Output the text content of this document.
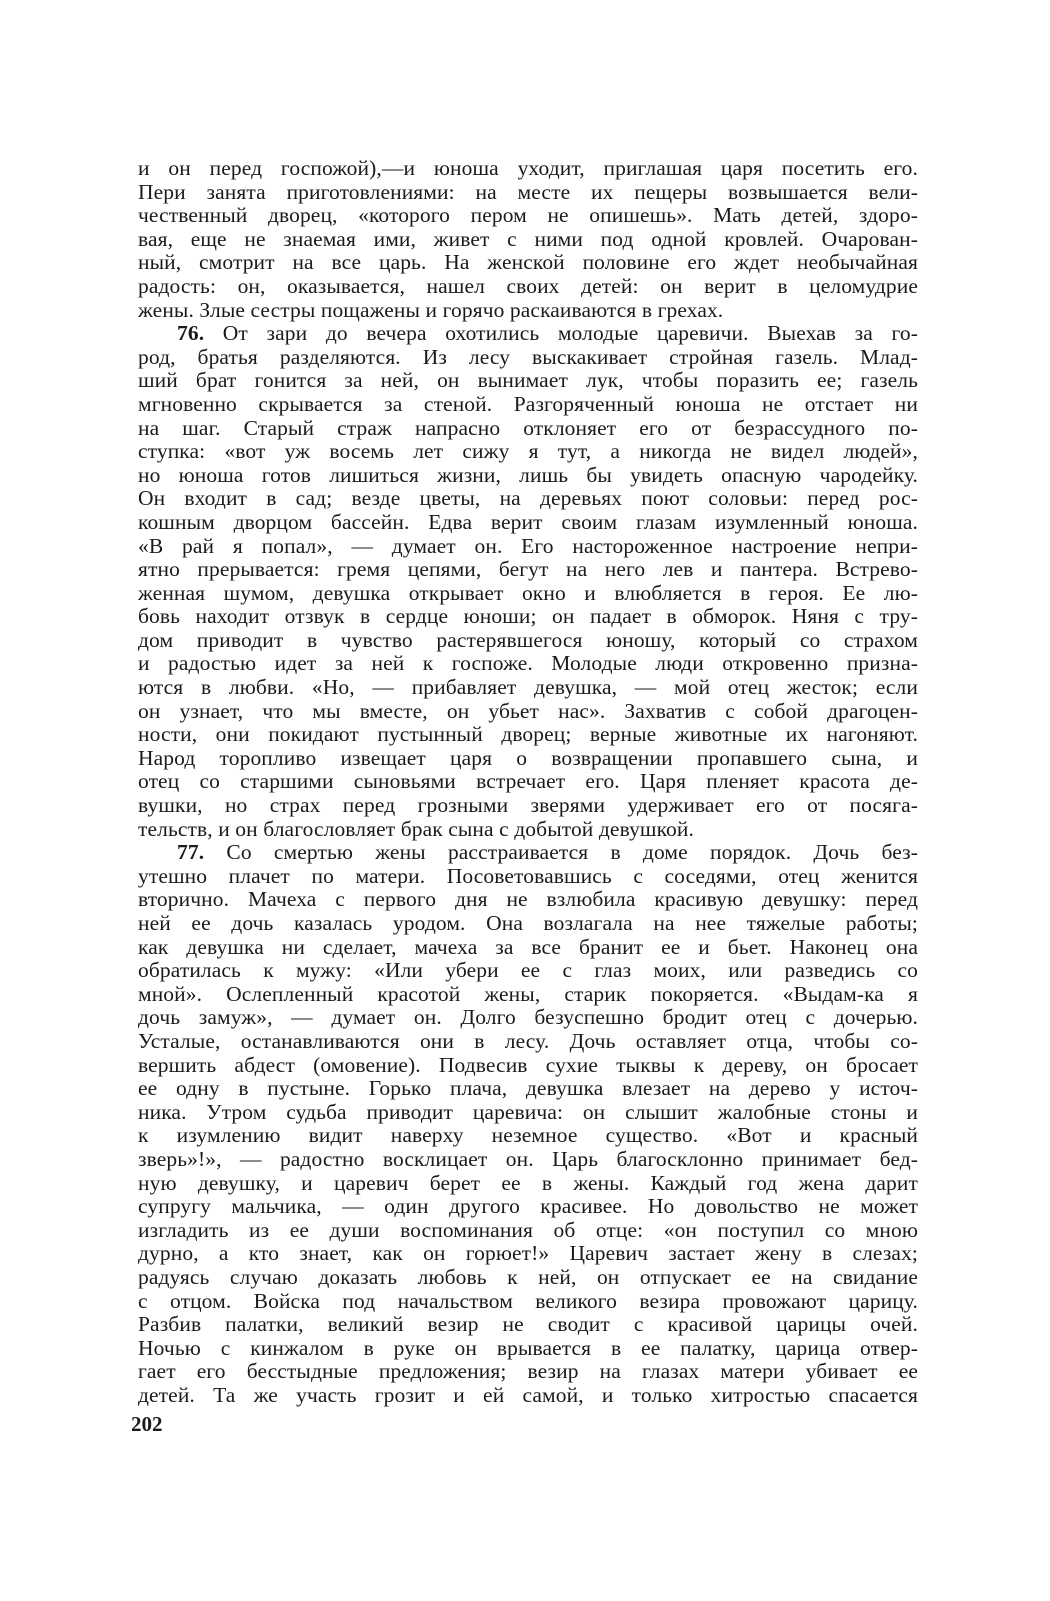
и он перед госпожой),—и юноша уходит, приглашая царя посетить его.
Пери занята приготовлениями: на месте их пещеры возвышается вели-
чественный дворец, «которого пером не опишешь». Мать детей, здоро-
вая, еще не знаемая ими, живет с ними под одной кровлей. Очарован-
ный, смотрит на все царь. На женской половине его ждет необычайная
радость: он, оказывается, нашел своих детей: он верит в целомудрие
жены. Злые сестры пощажены и горячо раскаиваются в грехах.
76. От зари до вечера охотились молодые царевичи. Выехав за го-
род, братья разделяются. Из лесу выскакивает стройная газель. Млад-
ший брат гонится за ней, он вынимает лук, чтобы поразить ее; газель
мгновенно скрывается за стеной. Разгоряченный юноша не отстает ни
на шаг. Старый страж напрасно отклоняет его от безрассудного по-
ступка: «вот уж восемь лет сижу я тут, а никогда не видел людей»,
но юноша готов лишиться жизни, лишь бы увидеть опасную чародейку.
Он входит в сад; везде цветы, на деревьях поют соловьи: перед рос-
кошным дворцом бассейн. Едва верит своим глазам изумленный юноша.
«В рай я попал», — думает он. Его настороженное настроение непри-
ятно прерывается: гремя цепями, бегут на него лев и пантера. Встрево-
женная шумом, девушка открывает окно и влюбляется в героя. Ее лю-
бовь находит отзвук в сердце юноши; он падает в обморок. Няня с тру-
дом приводит в чувство растерявшегося юношу, который со страхом
и радостью идет за ней к госпоже. Молодые люди откровенно призна-
ются в любви. «Но, — прибавляет девушка, — мой отец жесток; если
он узнает, что мы вместе, он убьет нас». Захватив с собой драгоцен-
ности, они покидают пустынный дворец; верные животные их нагоняют.
Народ торопливо извещает царя о возвращении пропавшего сына, и
отец со старшими сыновьями встречает его. Царя пленяет красота де-
вушки, но страх перед грозными зверями удерживает его от посяга-
тельств, и он благословляет брак сына с добытой девушкой.
77. Со смертью жены расстраивается в доме порядок. Дочь без-
утешно плачет по матери. Посоветовавшись с соседями, отец женится
вторично. Мачеха с первого дня не взлюбила красивую девушку: перед
ней ее дочь казалась уродом. Она возлагала на нее тяжелые работы;
как девушка ни сделает, мачеха за все бранит ее и бьет. Наконец она
обратилась к мужу: «Или убери ее с глаз моих, или разведись со
мной». Ослепленный красотой жены, старик покоряется. «Выдам-ка я
дочь замуж», — думает он. Долго безуспешно бродит отец с дочерью.
Усталые, останавливаются они в лесу. Дочь оставляет отца, чтобы со-
вершить абдест (омовение). Подвесив сухие тыквы к дереву, он бросает
ее одну в пустыне. Горько плача, девушка влезает на дерево у источ-
ника. Утром судьба приводит царевича: он слышит жалобные стоны и
к изумлению видит наверху неземное существо. «Вот и красный
зверь»!», — радостно восклицает он. Царь благосклонно принимает бед-
ную девушку, и царевич берет ее в жены. Каждый год жена дарит
супругу мальчика, — один другого красивее. Но довольство не может
изгладить из ее души воспоминания об отце: «он поступил со мною
дурно, а кто знает, как он горюет!» Царевич застает жену в слезах;
радуясь случаю доказать любовь к ней, он отпускает ее на свидание
с отцом. Войска под начальством великого везира провожают царицу.
Разбив палатки, великий везир не сводит с красивой царицы очей.
Ночью с кинжалом в руке он врывается в ее палатку, царица отвер-
гает его бесстыдные предложения; везир на глазах матери убивает ее
детей. Та же участь грозит и ей самой, и только хитростью спасается
202
